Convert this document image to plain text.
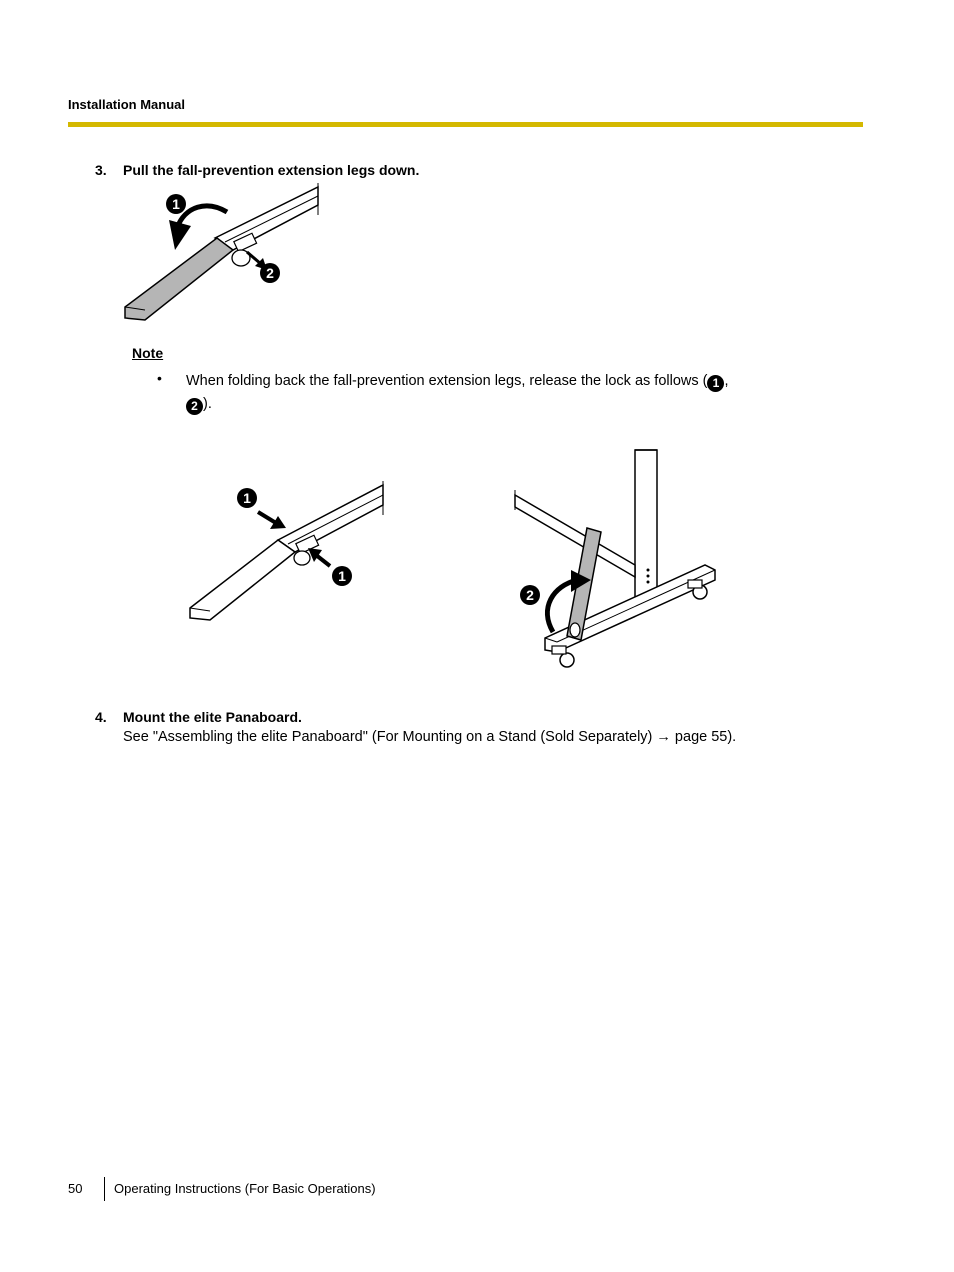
Installation Manual
3. Pull the fall-prevention extension legs down.
1
2
Note
• When folding back the fall-prevention extension legs, release the lock as follows ( 1 ,
2 ).
1
1
2
4. Mount the elite Panaboard.
See "Assembling the elite Panaboard" (For Mounting on a Stand (Sold Separately) → page 55).
50 Operating Instructions (For Basic Operations)
